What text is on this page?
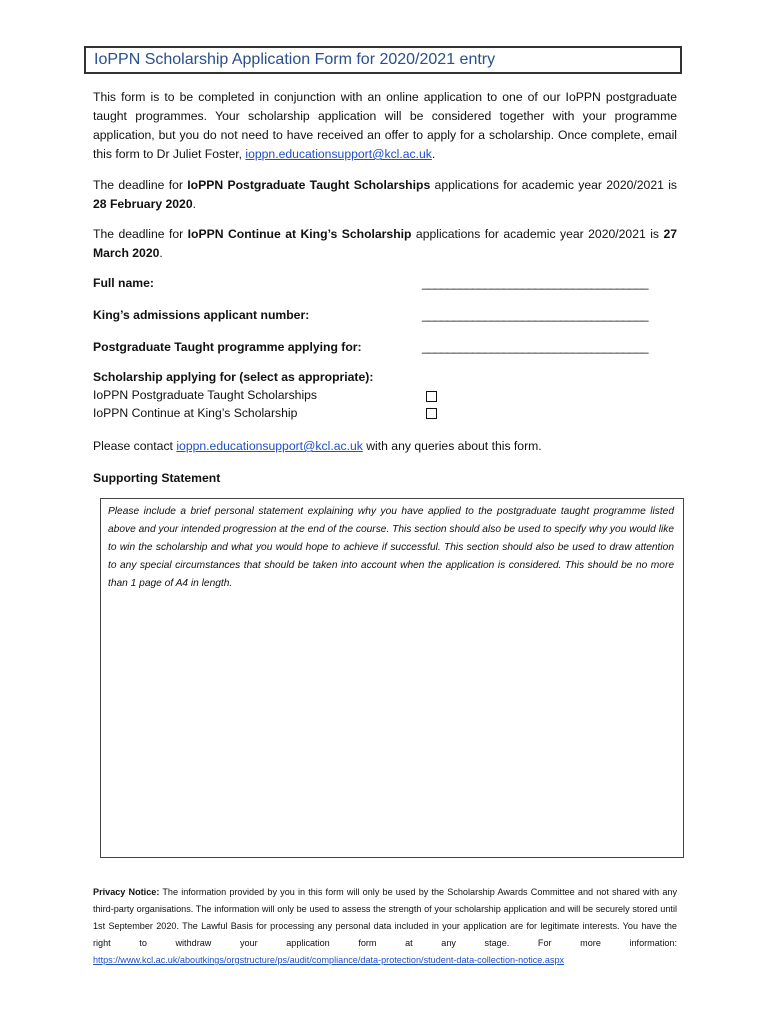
IoPPN Scholarship Application Form for 2020/2021 entry
This form is to be completed in conjunction with an online application to one of our IoPPN postgraduate taught programmes. Your scholarship application will be considered together with your programme application, but you do not need to have received an offer to apply for a scholarship. Once complete, email this form to Dr Juliet Foster, ioppn.educationsupport@kcl.ac.uk.
The deadline for IoPPN Postgraduate Taught Scholarships applications for academic year 2020/2021 is 28 February 2020.
The deadline for IoPPN Continue at King’s Scholarship applications for academic year 2020/2021 is 27 March 2020.
Full name:	____________________________________
King’s admissions applicant number:	____________________________________
Postgraduate Taught programme applying for:	____________________________________
Scholarship applying for (select as appropriate):
IoPPN Postgraduate Taught Scholarships
IoPPN Continue at King’s Scholarship
Please contact ioppn.educationsupport@kcl.ac.uk with any queries about this form.
Supporting Statement
Please include a brief personal statement explaining why you have applied to the postgraduate taught programme listed above and your intended progression at the end of the course. This section should also be used to specify why you would like to win the scholarship and what you would hope to achieve if successful. This section should also be used to draw attention to any special circumstances that should be taken into account when the application is considered. This should be no more than 1 page of A4 in length.
Privacy Notice: The information provided by you in this form will only be used by the Scholarship Awards Committee and not shared with any third-party organisations. The information will only be used to assess the strength of your scholarship application and will be securely stored until 1st September 2020. The Lawful Basis for processing any personal data included in your application are for legitimate interests. You have the right to withdraw your application form at any stage. For more information: https://www.kcl.ac.uk/aboutkings/orgstructure/ps/audit/compliance/data-protection/student-data-collection-notice.aspx
